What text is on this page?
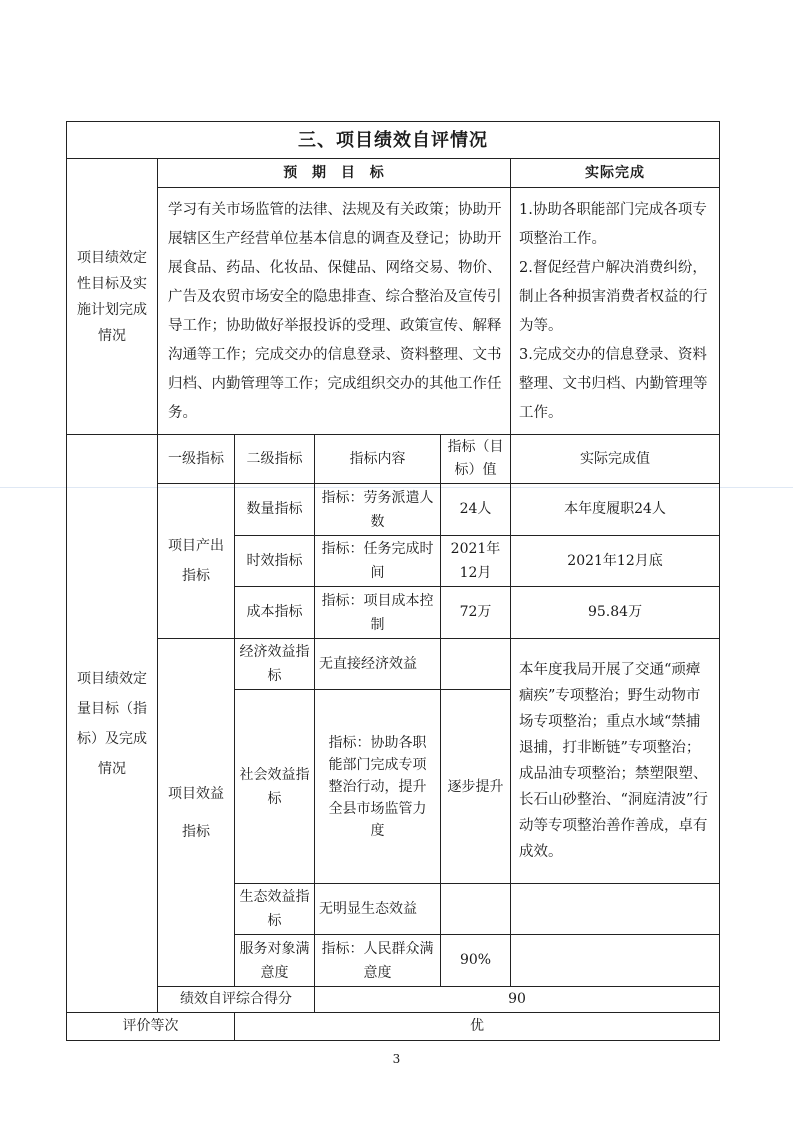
三、项目绩效自评情况					
项目绩效定性目标及实施计划完成情况	预 期 目 标				实际完成
	学习有关市场监管的法律、法规及有关政策；协助开展辖区生产经营单位基本信息的调查及登记；协助开展食品、药品、化妆品、保健品、网络交易、物价、广告及农贸市场安全的隐患排查、综合整治及宣传引导工作；协助做好举报投诉的受理、政策宣传、解释沟通等工作；完成交办的信息登录、资料整理、文书归档、内勤管理等工作；完成组织交办的其他工作任务。				1.协助各职能部门完成各项专项整治工作。
2.督促经营户解决消费纠纷，制止各种损害消费者权益的行为等。
3.完成交办的信息登录、资料整理、文书归档、内勤管理等工作。

项目绩效定量目标（指标）及完成情况	一级指标	二级指标	指标内容	指标（目标）值	实际完成值
	项目产出指标	数量指标	指标：劳务派遣人数	24人	本年度履职24人
		时效指标	指标：任务完成时间	2021年12月	2021年12月底
		成本指标	指标：项目成本控制	72万	95.84万
	项目效益指标	经济效益指标	无直接经济效益		本年度我局开展了交通“顽瘴痼疾”专项整治；野生动物市场专项整治；重点水域“禁捕退捕，打非断链”专项整治；成品油专项整治；禁塑限塑、长石山砂整治、“洞庭清波”行动等专项整治善作善成，卓有成效。
		社会效益指标	指标：协助各职能部门完成专项整治行动，提升全县市场监管力度	逐步提升	
		生态效益指标	无明显生态效益		
		服务对象满意度	指标：人民群众满意度	90%	
	绩效自评综合得分		90		
评价等次		优			
3
